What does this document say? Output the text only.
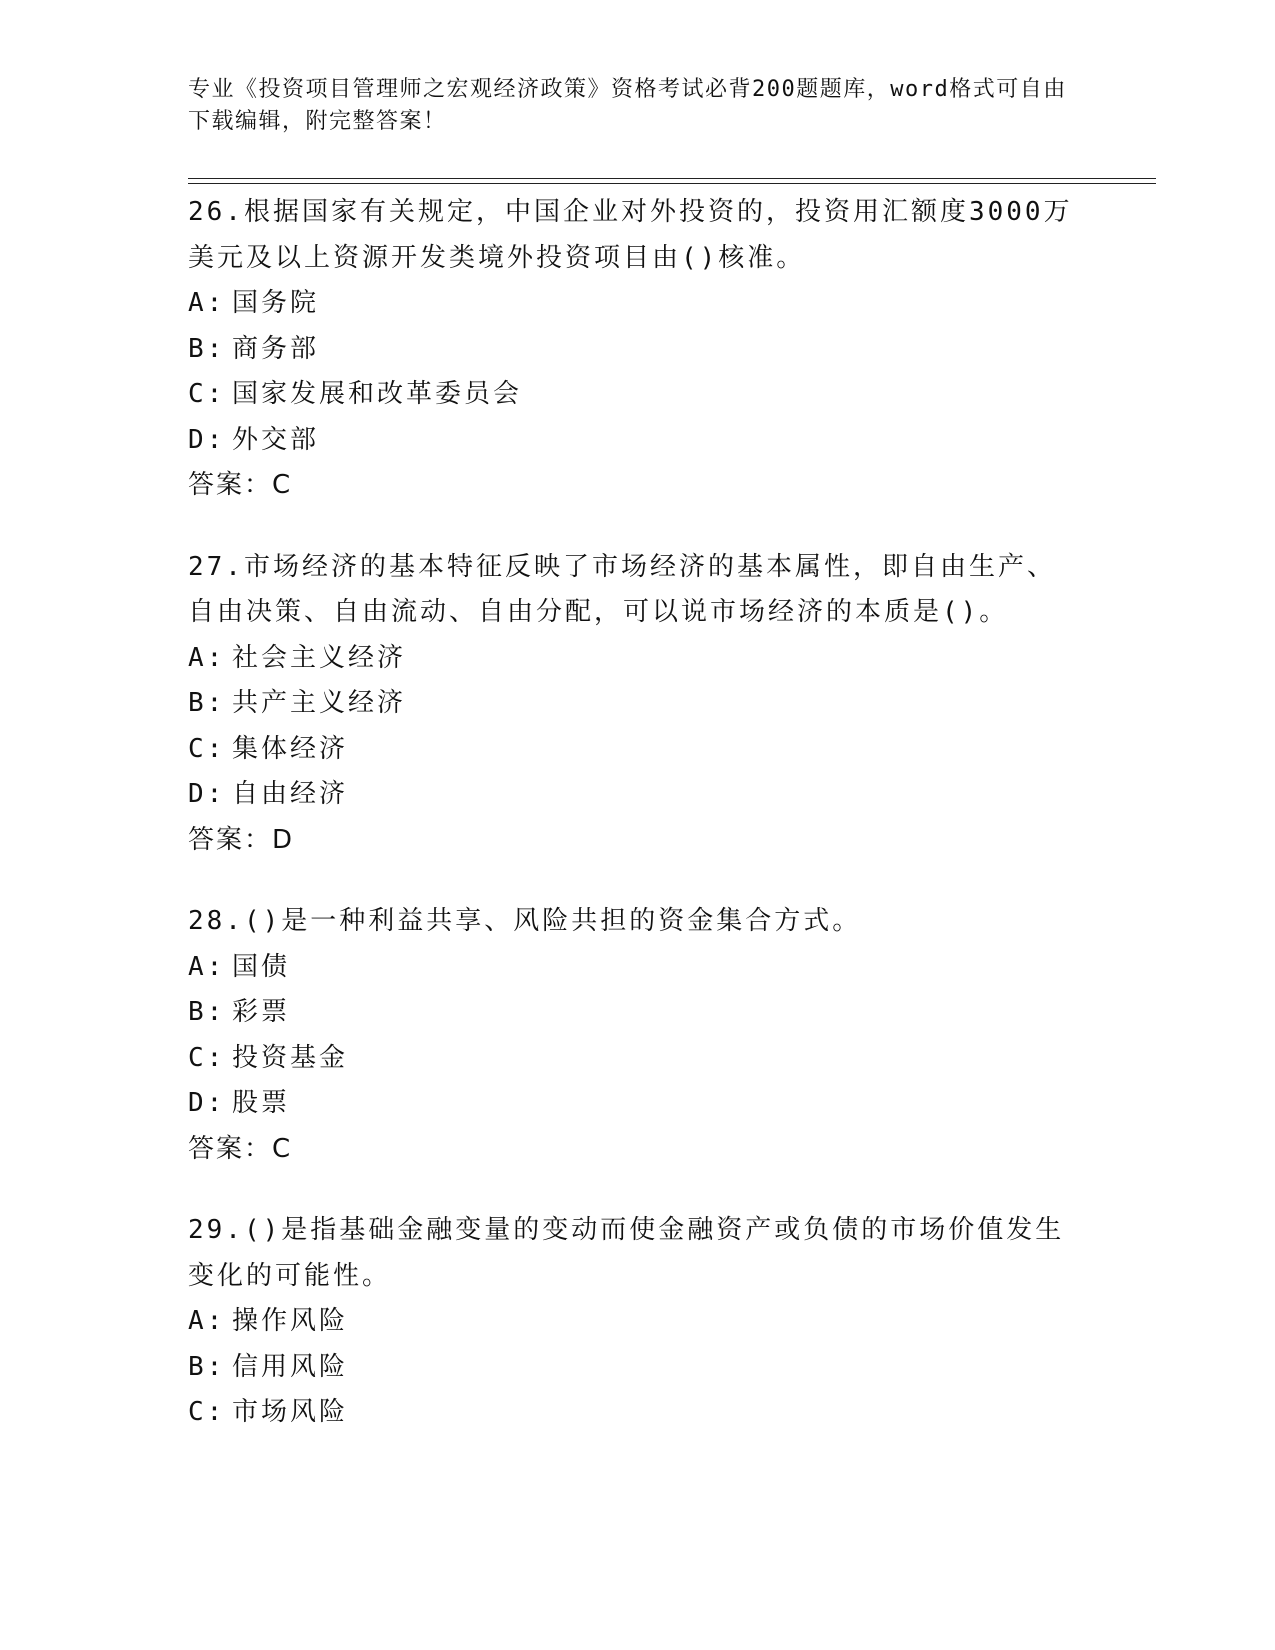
专业《投资项目管理师之宏观经济政策》资格考试必背200题题库，word格式可自由下载编辑，附完整答案！
26.根据国家有关规定，中国企业对外投资的，投资用汇额度3000万美元及以上资源开发类境外投资项目由()核准。
A: 国务院
B: 商务部
C: 国家发展和改革委员会
D: 外交部
答案：C
27.市场经济的基本特征反映了市场经济的基本属性，即自由生产、自由决策、自由流动、自由分配，可以说市场经济的本质是()。
A: 社会主义经济
B: 共产主义经济
C: 集体经济
D: 自由经济
答案：D
28.()是一种利益共享、风险共担的资金集合方式。
A: 国债
B: 彩票
C: 投资基金
D: 股票
答案：C
29.()是指基础金融变量的变动而使金融资产或负债的市场价值发生变化的可能性。
A: 操作风险
B: 信用风险
C: 市场风险
